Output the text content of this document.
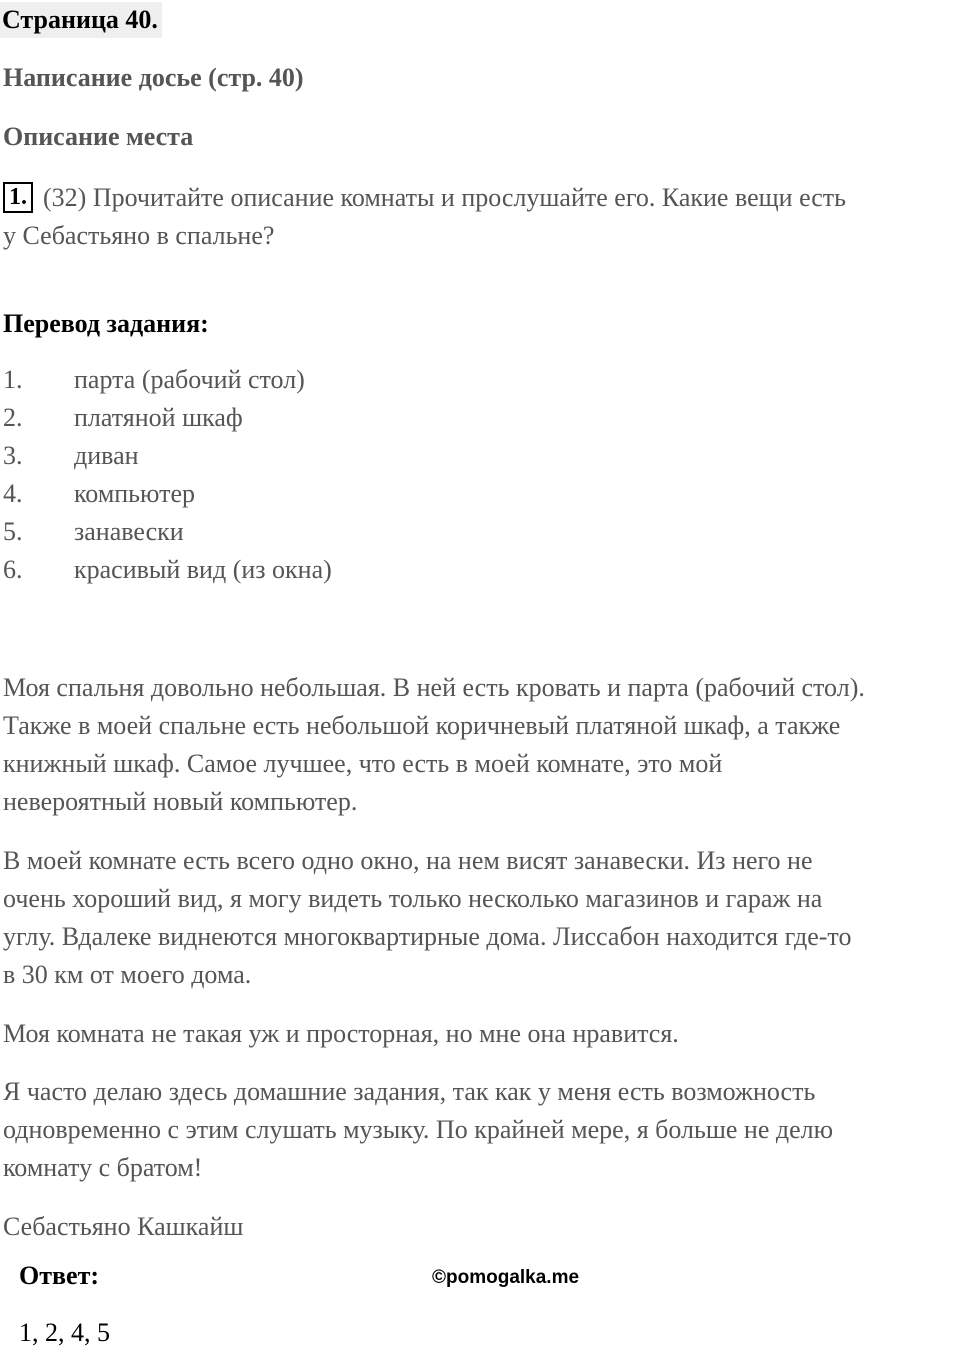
Страница 40.
Написание досье (стр. 40)
Описание места
1. (32) Прочитайте описание комнаты и прослушайте его. Какие вещи есть
у Себастьяно в спальне?
Перевод задания:
1. парта (рабочий стол)
2. платяной шкаф
3. диван
4. компьютер
5. занавески
6. красивый вид (из окна)
Моя спальня довольно небольшая. В ней есть кровать и парта (рабочий стол).
Также в моей спальне есть небольшой коричневый платяной шкаф, а также
книжный шкаф. Самое лучшее, что есть в моей комнате, это мой
невероятный новый компьютер.
В моей комнате есть всего одно окно, на нем висят занавески. Из него не
очень хороший вид, я могу видеть только несколько магазинов и гараж на
углу. Вдалеке виднеются многоквартирные дома. Лиссабон находится где-то
в 30 км от моего дома.
Моя комната не такая уж и просторная, но мне она нравится.
Я часто делаю здесь домашние задания, так как у меня есть возможность
одновременно с этим слушать музыку. По крайней мере, я больше не делю
комнату с братом!
Себастьяно Кашкайш
Ответ:	©pomogalka.me
1, 2, 4, 5
